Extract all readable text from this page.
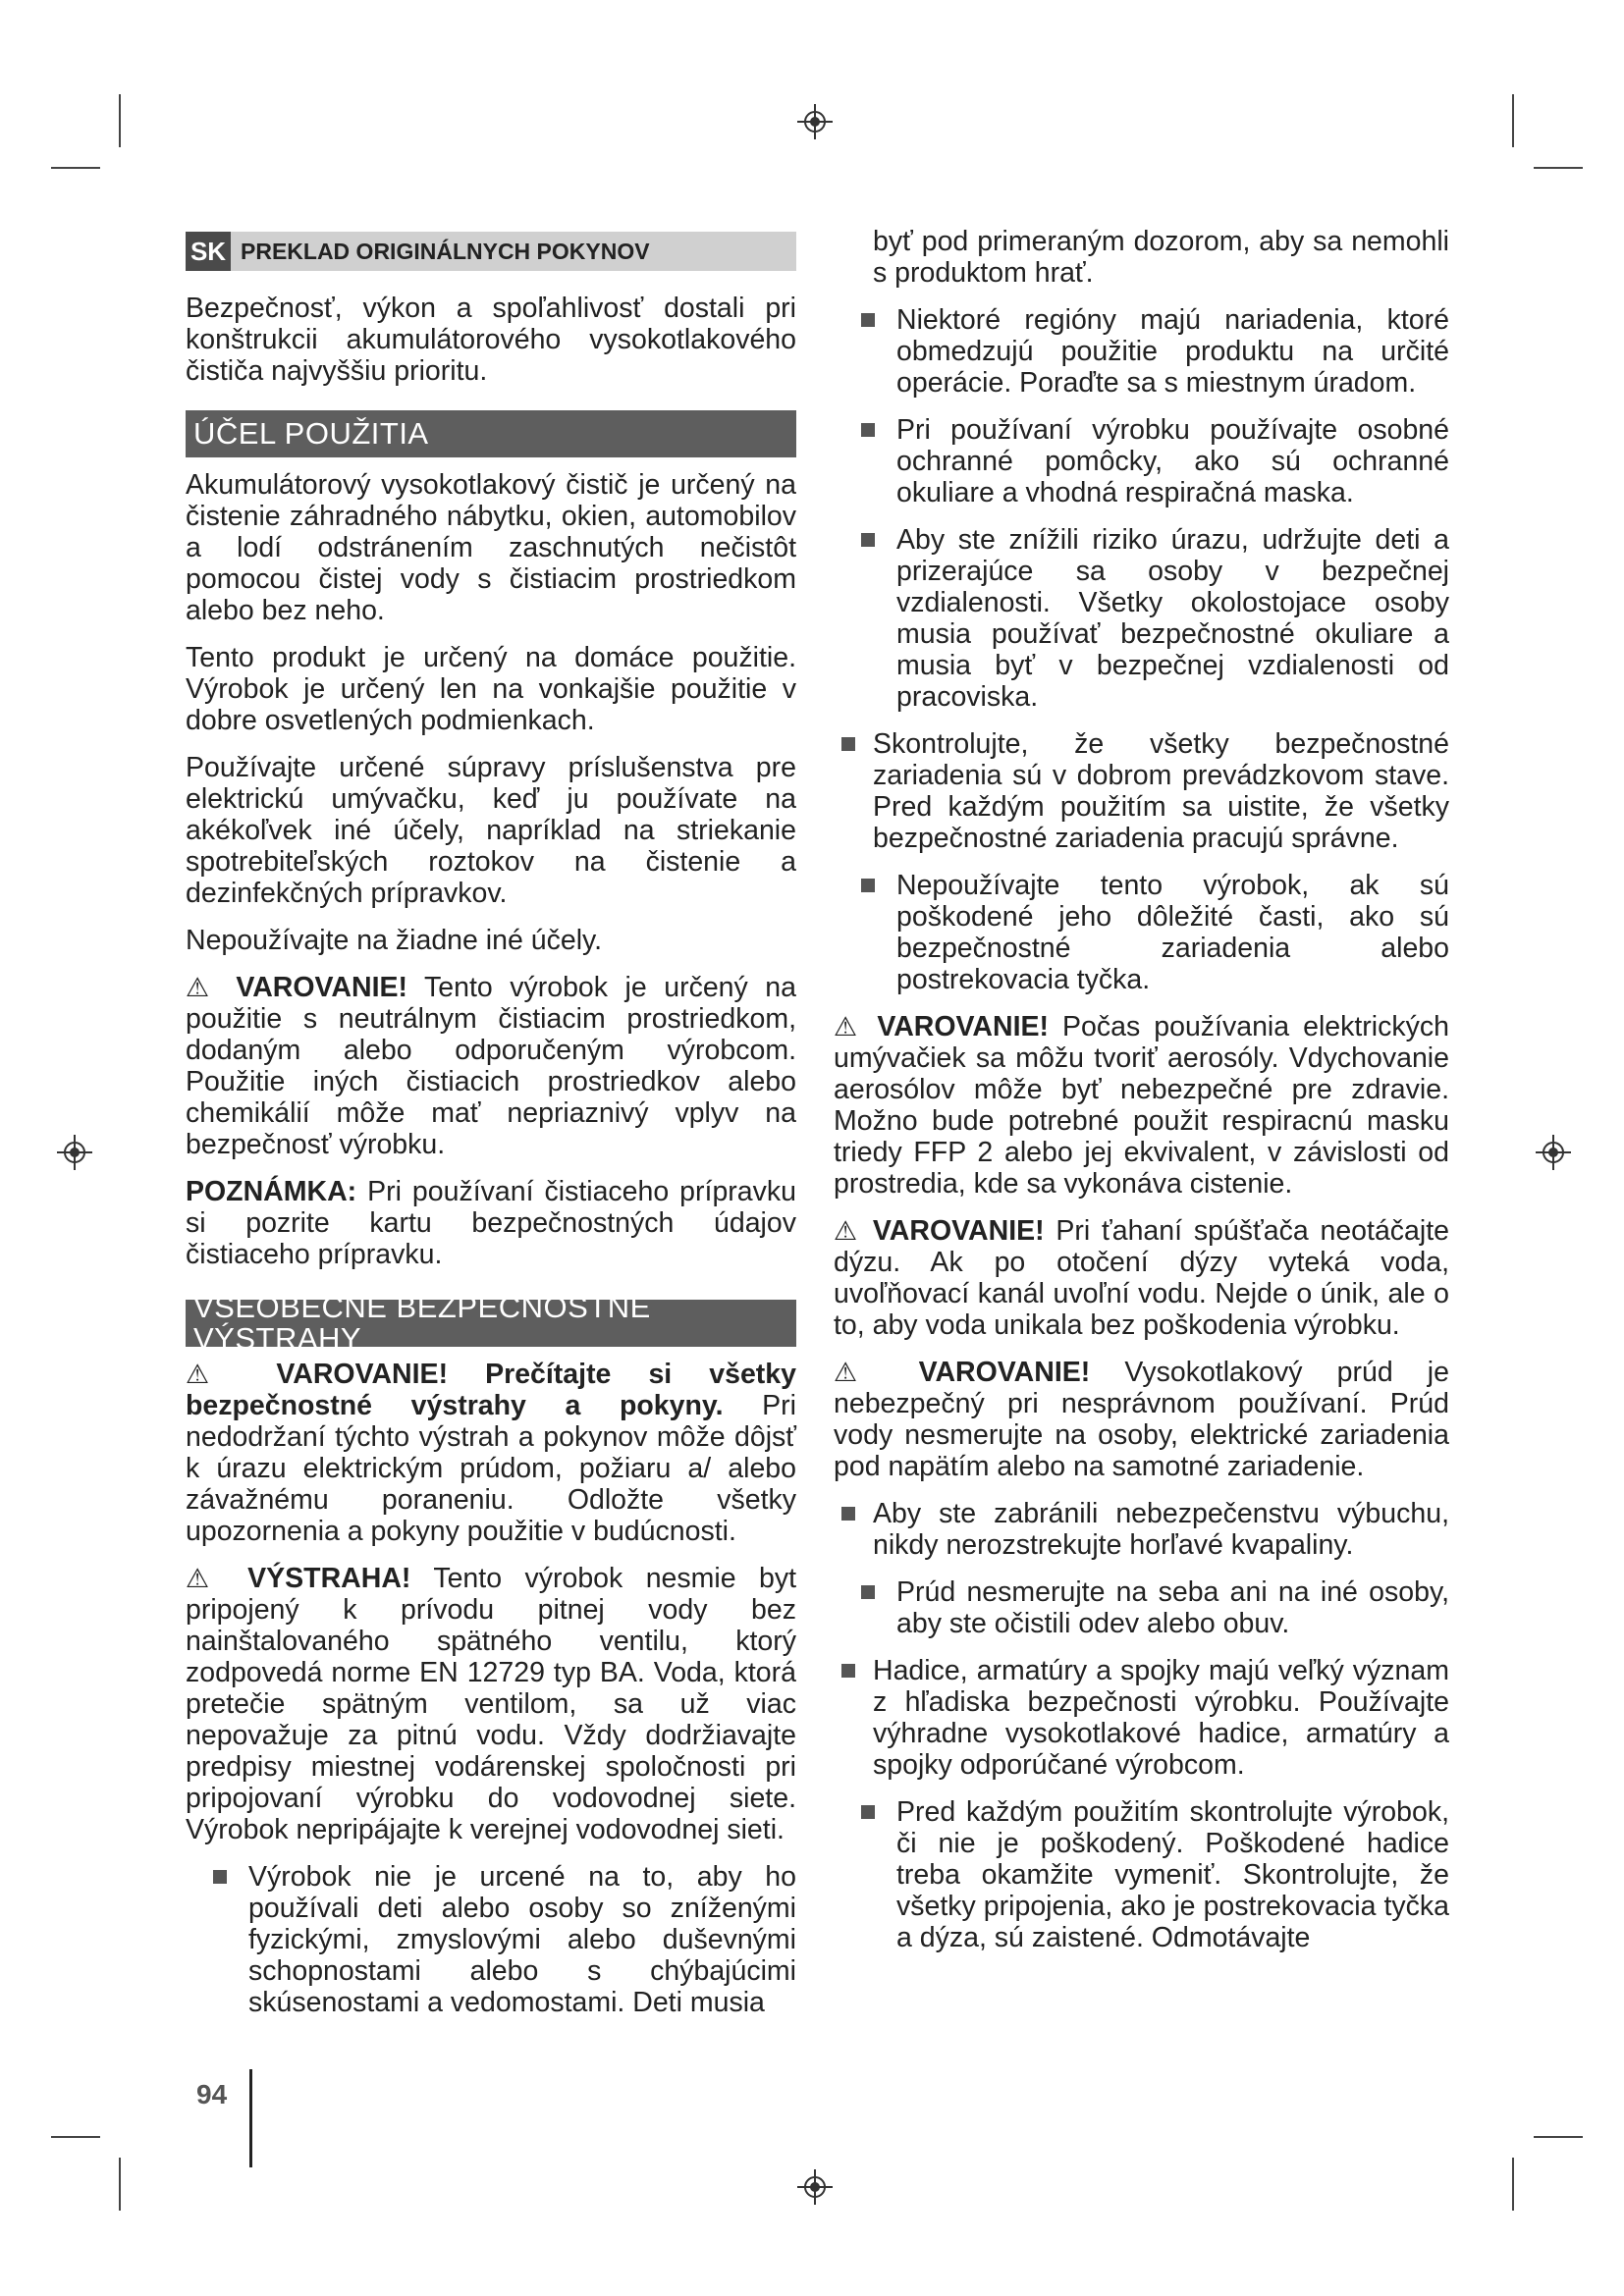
SK PREKLAD ORIGINÁLNYCH POKYNOV

Bezpečnosť, výkon a spoľahlivosť dostali pri konštrukcii akumulátorového vysokotlakového čističa najvyššiu prioritu.

ÚČEL POUŽITIA

Akumulátorový vysokotlakový čistič je určený na čistenie záhradného nábytku, okien, automobilov a lodí odstránením zaschnutých nečistôt pomocou čistej vody s čistiacim prostriedkom alebo bez neho.

Tento produkt je určený na domáce použitie. Výrobok je určený len na vonkajšie použitie v dobre osvetlených podmienkach.

Používajte určené súpravy príslušenstva pre elektrickú umývačku, keď ju používate na akékoľvek iné účely, napríklad na striekanie spotrebiteľských roztokov na čistenie a dezinfekčných prípravkov.

Nepoužívajte na žiadne iné účely.

⚠ VAROVANIE! Tento výrobok je určený na použitie s neutrálnym čistiacim prostriedkom, dodaným alebo odporučeným výrobcom. Použitie iných čistiacich prostriedkov alebo chemikálií môže mať nepriaznivý vplyv na bezpečnosť výrobku.

POZNÁMKA: Pri používaní čistiaceho prípravku si pozrite kartu bezpečnostných údajov čistiaceho prípravku.

VŠEOBECNÉ BEZPEČNOSTNÉ VÝSTRAHY

⚠ VAROVANIE! Prečítajte si všetky bezpečnostné výstrahy a pokyny. Pri nedodržaní týchto výstrah a pokynov môže dôjsť k úrazu elektrickým prúdom, požiaru a/ alebo závažnému poraneniu. Odložte všetky upozornenia a pokyny použitie v budúcnosti.

⚠ VÝSTRAHA! Tento výrobok nesmie byt pripojený k prívodu pitnej vody bez nainštalovaného spätného ventilu, ktorý zodpovedá norme EN 12729 typ BA. Voda, ktorá pretečie spätným ventilom, sa už viac nepovažuje za pitnú vodu. Vždy dodržiavajte predpisy miestnej vodárenskej spoločnosti pri pripojovaní výrobku do vodovodnej siete. Výrobok nepripájajte k verejnej vodovodnej sieti.

Výrobok nie je urcené na to, aby ho používali deti alebo osoby so zníženými fyzickými, zmyslovými alebo duševnými schopnostami alebo s chýbajúcimi skúsenostami a vedomostami. Deti musia

byť pod primeraným dozorom, aby sa nemohli s produktom hrať.

Niektoré regióny majú nariadenia, ktoré obmedzujú použitie produktu na určité operácie. Poraďte sa s miestnym úradom.
Pri používaní výrobku používajte osobné ochranné pomôcky, ako sú ochranné okuliare a vhodná respiračná maska.
Aby ste znížili riziko úrazu, udržujte deti a prizerajúce sa osoby v bezpečnej vzdialenosti. Všetky okolostojace osoby musia používať bezpečnostné okuliare a musia byť v bezpečnej vzdialenosti od pracoviska.
Skontrolujte, že všetky bezpečnostné zariadenia sú v dobrom prevádzkovom stave. Pred každým použitím sa uistite, že všetky bezpečnostné zariadenia pracujú správne.
Nepoužívajte tento výrobok, ak sú poškodené jeho dôležité časti, ako sú bezpečnostné zariadenia alebo postrekovacia tyčka.

⚠ VAROVANIE! Počas používania elektrických umývačiek sa môžu tvoriť aerosóly. Vdychovanie aerosólov môže byť nebezpečné pre zdravie. Možno bude potrebné použit respiracnú masku triedy FFP 2 alebo jej ekvivalent, v závislosti od prostredia, kde sa vykonáva cistenie.

⚠ VAROVANIE! Pri ťahaní spúšťača neotáčajte dýzu. Ak po otočení dýzy vyteká voda, uvoľňovací kanál uvoľní vodu. Nejde o únik, ale o to, aby voda unikala bez poškodenia výrobku.

⚠ VAROVANIE! Vysokotlakový prúd je nebezpečný pri nesprávnom používaní. Prúd vody nesmerujte na osoby, elektrické zariadenia pod napätím alebo na samotné zariadenie.

Aby ste zabránili nebezpečenstvu výbuchu, nikdy nerozstrekujte horľavé kvapaliny.
Prúd nesmerujte na seba ani na iné osoby, aby ste očistili odev alebo obuv.
Hadice, armatúry a spojky majú veľký význam z hľadiska bezpečnosti výrobku. Používajte výhradne vysokotlakové hadice, armatúry a spojky odporúčané výrobcom.
Pred každým použitím skontrolujte výrobok, či nie je poškodený. Poškodené hadice treba okamžite vymeniť. Skontrolujte, že všetky pripojenia, ako je postrekovacia tyčka a dýza, sú zaistené. Odmotávajte
94
